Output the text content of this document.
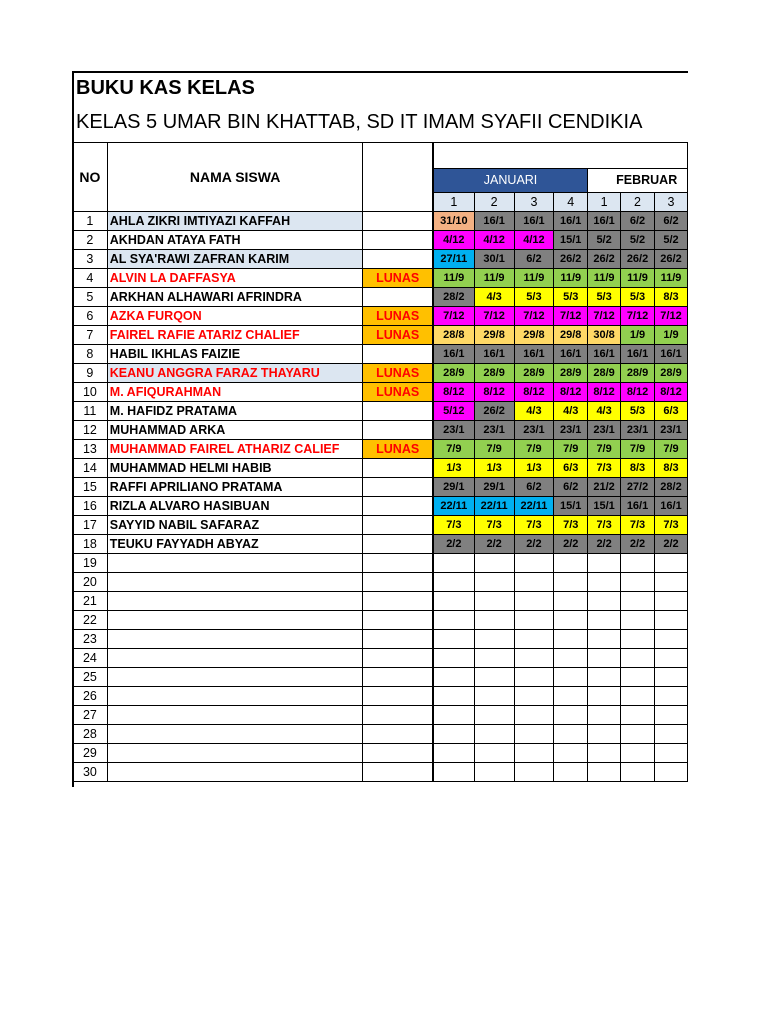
BUKU KAS KELAS
KELAS 5 UMAR BIN KHATTAB, SD IT IMAM SYAFII CENDIKIA
NO	NAMA SISWA								
			JANUARI				FEBRUAR		
			1	2	3	4	1	2	3
1	AHLA ZIKRI IMTIYAZI KAFFAH			31/10	16/1	16/1	16/1	16/1	6/2	6/2
2	AKHDAN ATAYA FATH			4/12	4/12	4/12	15/1	5/2	5/2	5/2
3	AL SYA'RAWI ZAFRAN KARIM			27/11	30/1	6/2	26/2	26/2	26/2	26/2
4	ALVIN LA DAFFASYA	LUNAS		11/9	11/9	11/9	11/9	11/9	11/9	11/9
5	ARKHAN ALHAWARI AFRINDRA			28/2	4/3	5/3	5/3	5/3	5/3	8/3
6	AZKA FURQON	LUNAS		7/12	7/12	7/12	7/12	7/12	7/12	7/12
7	FAIREL RAFIE ATARIZ CHALIEF	LUNAS		28/8	29/8	29/8	29/8	30/8	1/9	1/9
8	HABIL IKHLAS FAIZIE			16/1	16/1	16/1	16/1	16/1	16/1	16/1
9	KEANU ANGGRA FARAZ THAYARU	LUNAS		28/9	28/9	28/9	28/9	28/9	28/9	28/9
10	M. AFIQURAHMAN	LUNAS		8/12	8/12	8/12	8/12	8/12	8/12	8/12
11	M. HAFIDZ PRATAMA			5/12	26/2	4/3	4/3	4/3	5/3	6/3
12	MUHAMMAD ARKA			23/1	23/1	23/1	23/1	23/1	23/1	23/1
13	MUHAMMAD FAIREL ATHARIZ CALIEF	LUNAS		7/9	7/9	7/9	7/9	7/9	7/9	7/9
14	MUHAMMAD HELMI HABIB			1/3	1/3	1/3	6/3	7/3	8/3	8/3
15	RAFFI APRILIANO PRATAMA			29/1	29/1	6/2	6/2	21/2	27/2	28/2
16	RIZLA ALVARO HASIBUAN			22/11	22/11	22/11	15/1	15/1	16/1	16/1
17	SAYYID NABIL SAFARAZ			7/3	7/3	7/3	7/3	7/3	7/3	7/3
18	TEUKU FAYYADH ABYAZ			2/2	2/2	2/2	2/2	2/2	2/2	2/2
19										
20										
21										
22										
23										
24										
25										
26										
27										
28										
29										
30										
